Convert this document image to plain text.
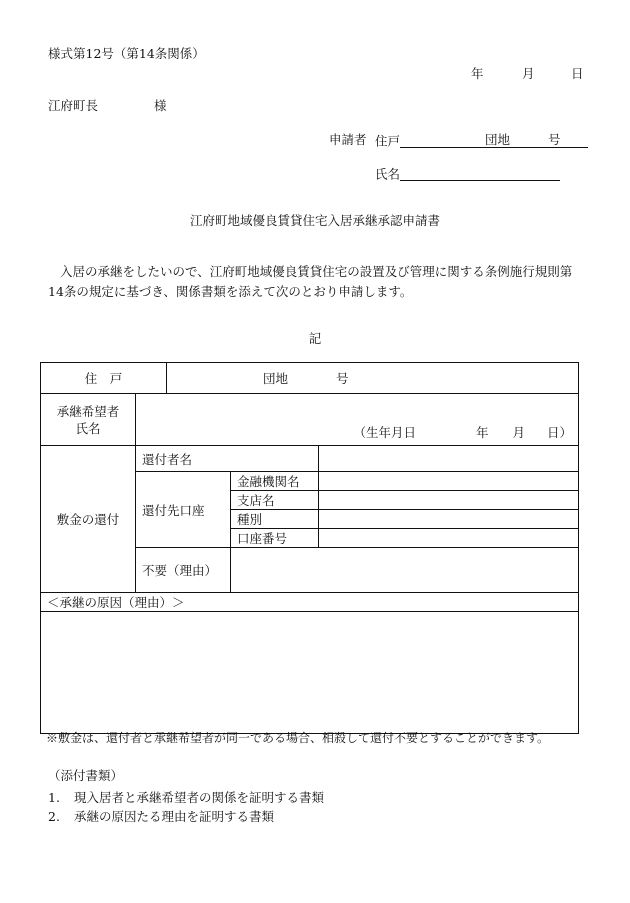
様式第12号（第14条関係）
年	月	日
江府町長	様
申請者 住戸	団地	号
氏名
江府町地域優良賃貸住宅入居承継承認申請書
入居の承継をしたいので、江府町地域優良賃貸住宅の設置及び管理に関する条例施行規則第14条の規定に基づき、関係書類を添えて次のとおり申請します。
記
住　戸		団地 号		
承継希望者
氏名	（生年月日 年 月 日）			
敷金の還付	還付者名			
	還付先口座		金融機関名	
			支店名	
			種別	
			口座番号	
	不要（理由）			

＜承継の原因（理由）＞				

※敷金は、還付者と承継希望者が同一である場合、相殺して還付不要とすることができます。
（添付書類）
1. 現入居者と承継希望者の関係を証明する書類
2. 承継の原因たる理由を証明する書類
